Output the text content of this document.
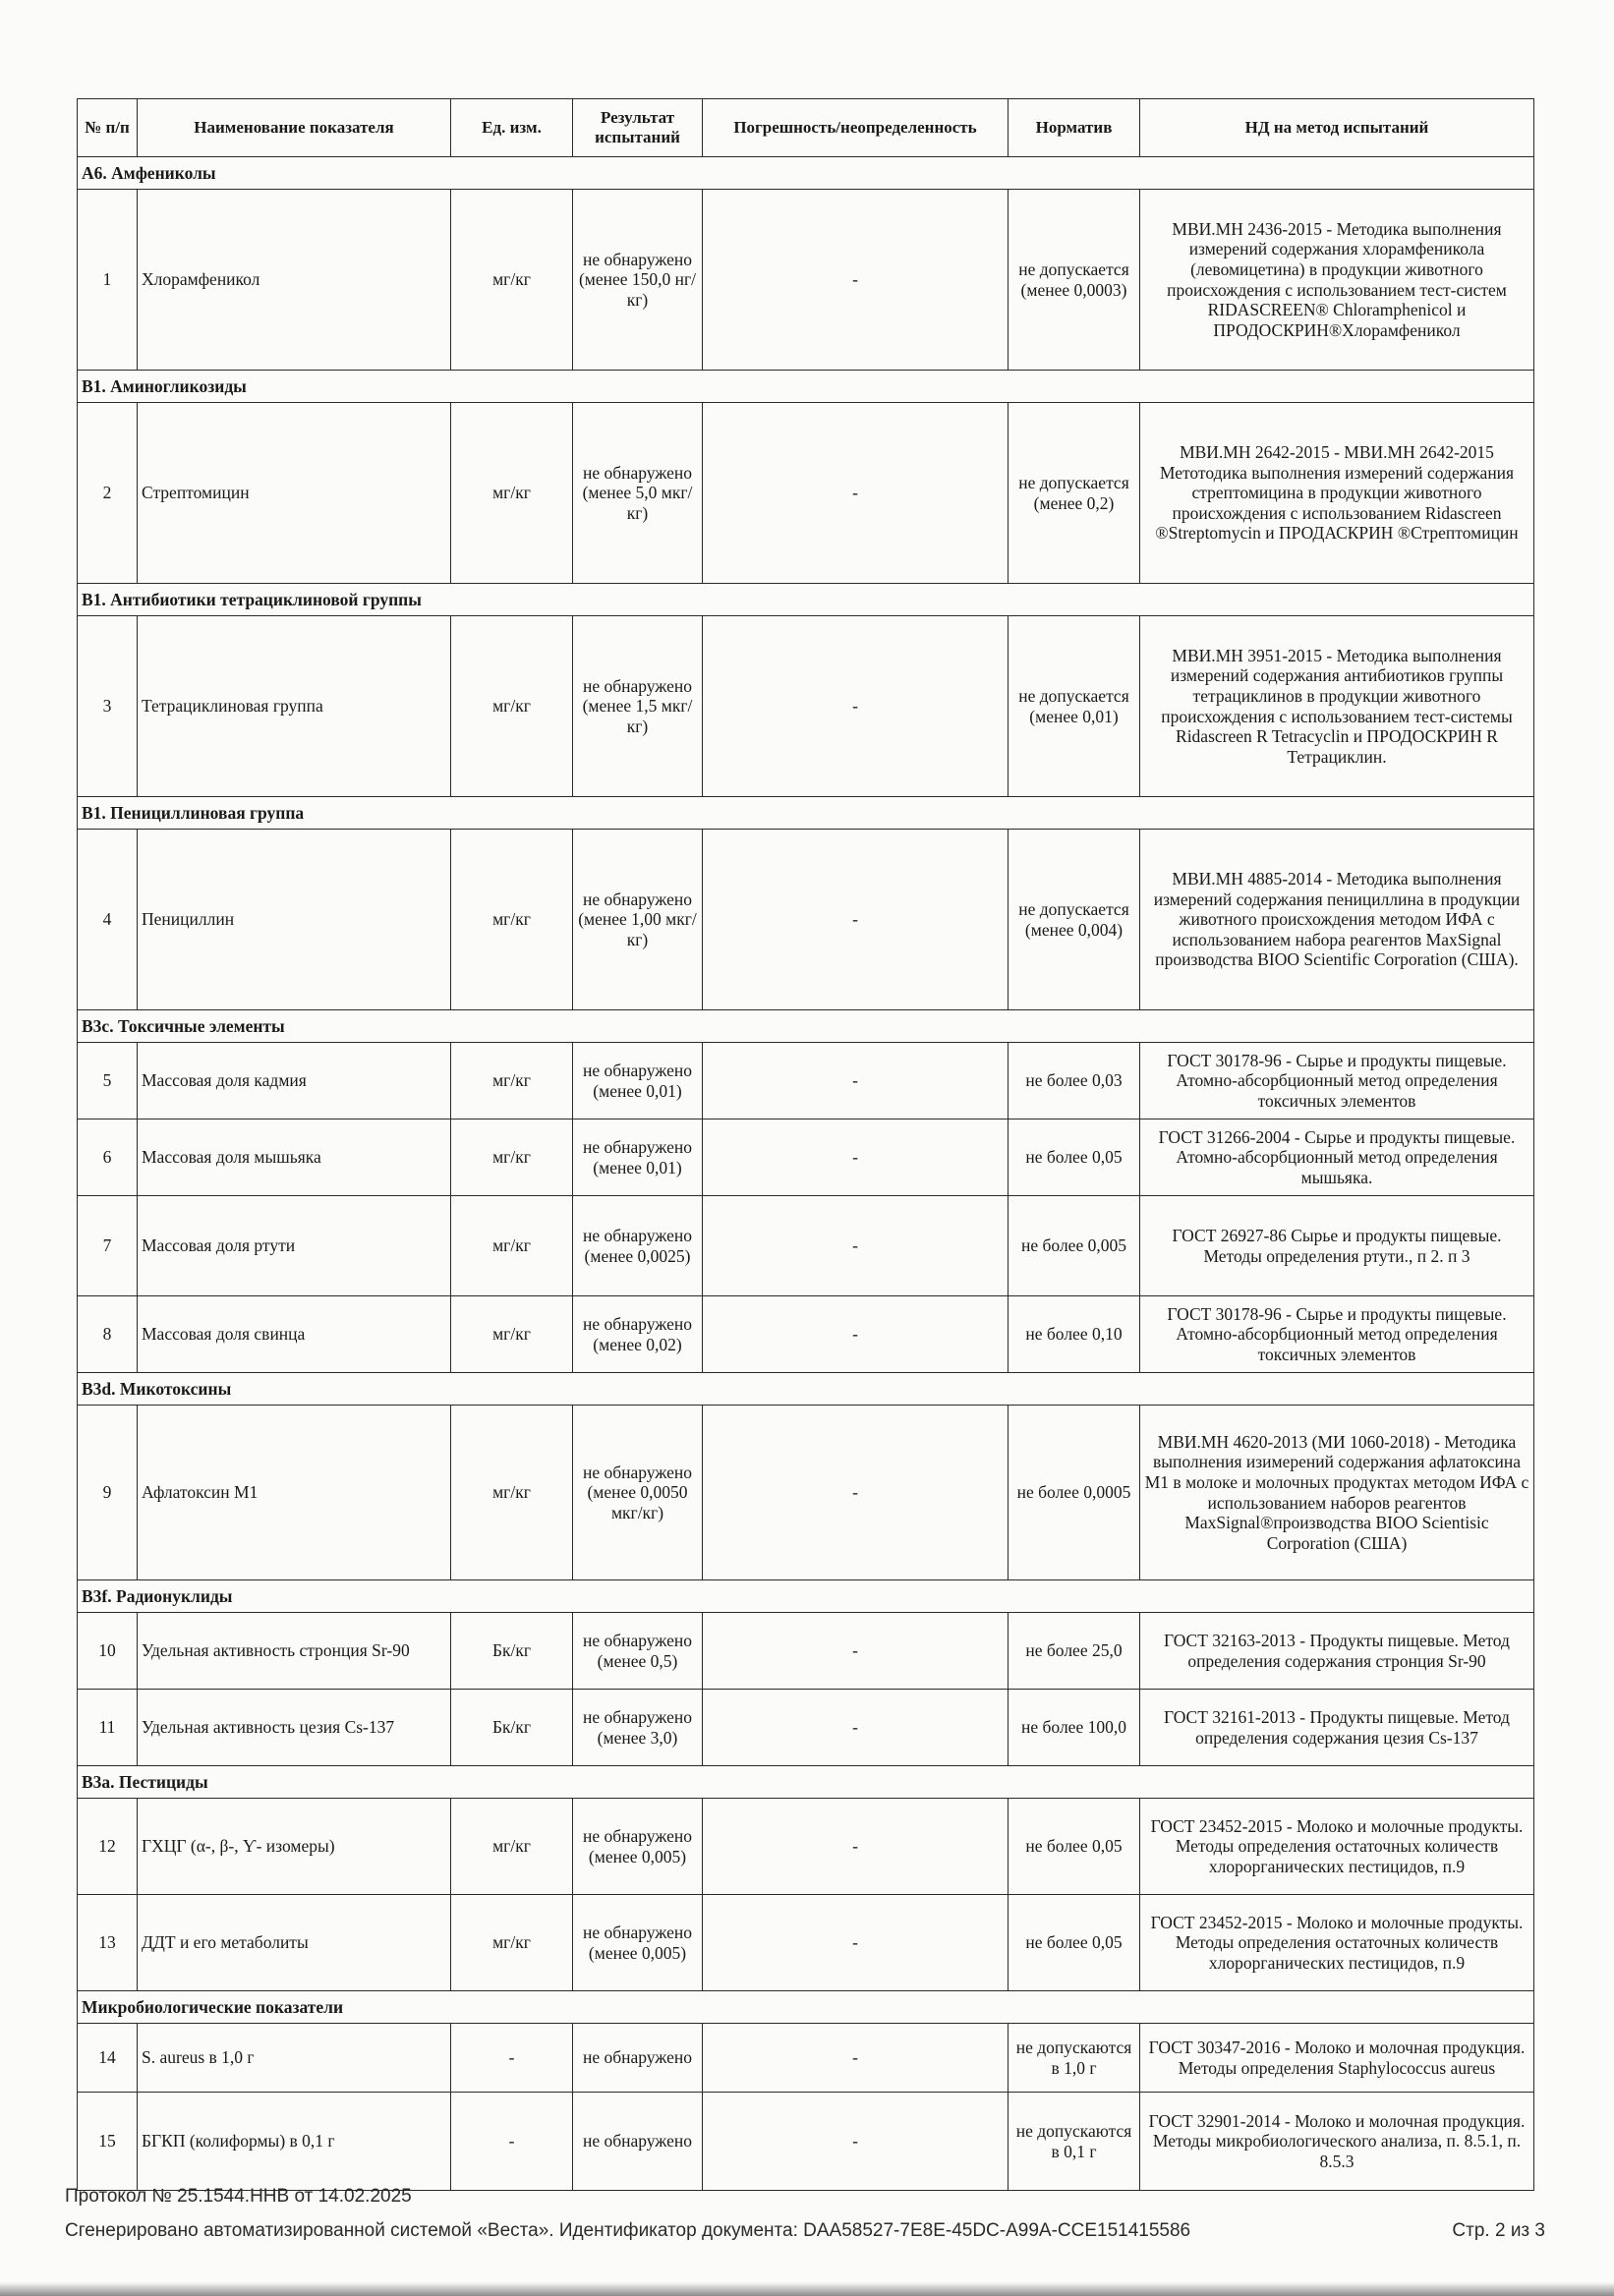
№ п/п	Наименование показателя	Ед. изм.	Результат испытаний	Погрешность/неопределенность	Норматив	НД на метод испытаний
А6. Амфениколы						
1	Хлорамфеникол	мг/кг	не обнаружено (менее 150,0 нг/кг)	-	не допускается (менее 0,0003)	МВИ.МН 2436-2015 - Методика выполнения измерений содержания хлорамфеникола (левомицетина) в продукции животного происхождения с использованием тест-систем RIDASCREEN® Chloramphenicol и ПРОДОСКРИН®Хлорамфеникол
В1. Аминогликозиды						
2	Стрептомицин	мг/кг	не обнаружено (менее 5,0 мкг/кг)	-	не допускается (менее 0,2)	МВИ.МН 2642-2015 - МВИ.МН 2642-2015 Метотодика выполнения измерений содержания стрептомицина в продукции животного происхождения с использованием Ridascreen ®Streptomycin и ПРОДАСКРИН ®Стрептомицин
В1. Антибиотики тетрациклиновой группы						
3	Тетрациклиновая группа	мг/кг	не обнаружено (менее 1,5 мкг/кг)	-	не допускается (менее 0,01)	МВИ.МН 3951-2015 - Методика выполнения измерений содержания антибиотиков группы тетрациклинов в продукции животного происхождения с использованием тест-системы Ridascreen R Tetracyclin и ПРОДОСКРИН R Тетрациклин.
В1. Пенициллиновая группа						
4	Пенициллин	мг/кг	не обнаружено (менее 1,00 мкг/кг)	-	не допускается (менее 0,004)	МВИ.МН 4885-2014 - Методика выполнения измерений содержания пенициллина в продукции животного происхождения методом ИФА с использованием набора реагентов MaxSignal производства BIOO Scientific Corporation (США).
В3с. Токсичные элементы						
5	Массовая доля кадмия	мг/кг	не обнаружено (менее 0,01)	-	не более 0,03	ГОСТ 30178-96 - Сырье и продукты пищевые. Атомно-абсорбционный метод определения токсичных элементов
6	Массовая доля мышьяка	мг/кг	не обнаружено (менее 0,01)	-	не более 0,05	ГОСТ 31266-2004 - Сырье и продукты пищевые. Атомно-абсорбционный метод определения мышьяка.
7	Массовая доля ртути	мг/кг	не обнаружено (менее 0,0025)	-	не более 0,005	ГОСТ 26927-86 Сырье и продукты пищевые. Методы определения ртути., п 2. п 3
8	Массовая доля свинца	мг/кг	не обнаружено (менее 0,02)	-	не более 0,10	ГОСТ 30178-96 - Сырье и продукты пищевые. Атомно-абсорбционный метод определения токсичных элементов
В3d. Микотоксины						
9	Афлатоксин М1	мг/кг	не обнаружено (менее 0,0050 мкг/кг)	-	не более 0,0005	МВИ.МН 4620-2013 (МИ 1060-2018) - Методика выполнения изимерений содержания афлатоксина М1 в молоке и молочных продуктах методом ИФА с использованием наборов реагентов MaxSignal®производства BIOO Scientisic Corporation (США)
В3f. Радионуклиды						
10	Удельная активность стронция Sr-90	Бк/кг	не обнаружено (менее 0,5)	-	не более 25,0	ГОСТ 32163-2013 - Продукты пищевые. Метод определения содержания стронция Sr-90
11	Удельная активность цезия Cs-137	Бк/кг	не обнаружено (менее 3,0)	-	не более 100,0	ГОСТ 32161-2013 - Продукты пищевые. Метод определения содержания цезия Cs-137
В3а. Пестициды						
12	ГХЦГ (α-, β-, Ƴ- изомеры)	мг/кг	не обнаружено (менее 0,005)	-	не более 0,05	ГОСТ 23452-2015 - Молоко и молочные продукты. Методы определения остаточных количеств хлорорганических пестицидов, п.9
13	ДДТ и его метаболиты	мг/кг	не обнаружено (менее 0,005)	-	не более 0,05	ГОСТ 23452-2015 - Молоко и молочные продукты. Методы определения остаточных количеств хлорорганических пестицидов, п.9
Микробиологические показатели						
14	S. aureus в 1,0 г	-	не обнаружено	-	не допускаются в 1,0 г	ГОСТ 30347-2016 - Молоко и молочная продукция. Методы определения Staphylococcus aureus
15	БГКП (колиформы) в 0,1 г	-	не обнаружено	-	не допускаются в 0,1 г	ГОСТ 32901-2014 - Молоко и молочная продукция. Методы микробиологического анализа, п. 8.5.1, п. 8.5.3
Протокол № 25.1544.ННВ от 14.02.2025
Сгенерировано автоматизированной системой «Веста». Идентификатор документа: DAA58527-7E8E-45DC-A99A-CCE151415586	Стр. 2 из 3
